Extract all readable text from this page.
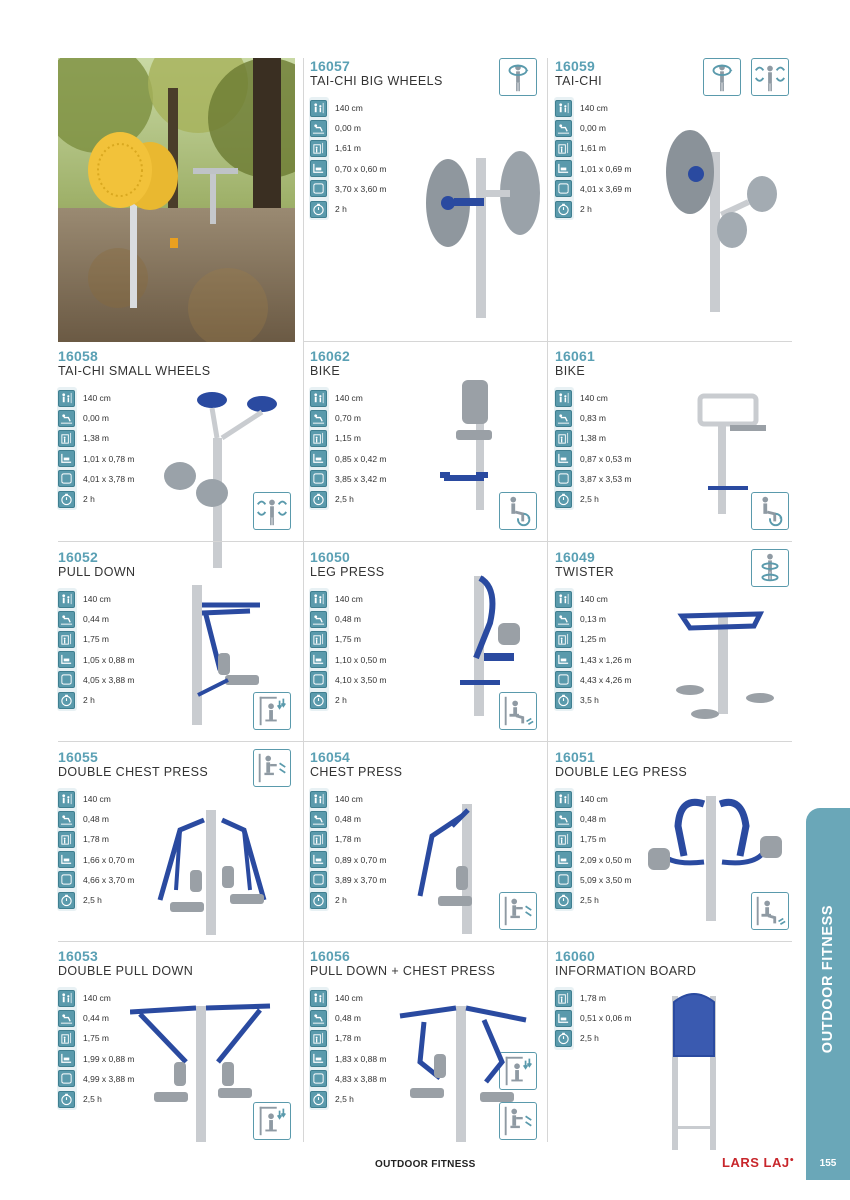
16057
TAI-CHI BIG WHEELS
140 cm
0,00 m
1,61 m
0,70 x 0,60 m
3,70 x 3,60 m
2 h
16059
TAI-CHI
140 cm
0,00 m
1,61 m
1,01 x 0,69 m
4,01 x 3,69 m
2 h
16058
TAI-CHI SMALL WHEELS
140 cm
0,00 m
1,38 m
1,01 x 0,78 m
4,01 x 3,78 m
2 h
16062
BIKE
140 cm
0,70 m
1,15 m
0,85 x 0,42 m
3,85 x 3,42 m
2,5 h
16061
BIKE
140 cm
0,83 m
1,38 m
0,87 x 0,53 m
3,87 x 3,53 m
2,5 h
16052
PULL DOWN
140 cm
0,44 m
1,75 m
1,05 x 0,88 m
4,05 x 3,88 m
2 h
16050
LEG PRESS
140 cm
0,48 m
1,75 m
1,10 x 0,50 m
4,10 x 3,50 m
2 h
16049
TWISTER
140 cm
0,13 m
1,25 m
1,43 x 1,26 m
4,43 x 4,26 m
3,5 h
16055
DOUBLE CHEST PRESS
140 cm
0,48 m
1,78 m
1,66 x 0,70 m
4,66 x 3,70 m
2,5 h
16054
CHEST PRESS
140 cm
0,48 m
1,78 m
0,89 x 0,70 m
3,89 x 3,70 m
2 h
16051
DOUBLE LEG PRESS
140 cm
0,48 m
1,75 m
2,09 x 0,50 m
5,09 x 3,50 m
2,5 h
16053
DOUBLE PULL DOWN
140 cm
0,44 m
1,75 m
1,99 x 0,88 m
4,99 x 3,88 m
2,5 h
16056
PULL DOWN + CHEST PRESS
140 cm
0,48 m
1,78 m
1,83 x 0,88 m
4,83 x 3,88 m
2,5 h
16060
INFORMATION BOARD
1,78 m
0,51 x 0,06 m
2,5 h
OUTDOOR FITNESS	LARS LAJ●
OUTDOOR FITNESS
155
